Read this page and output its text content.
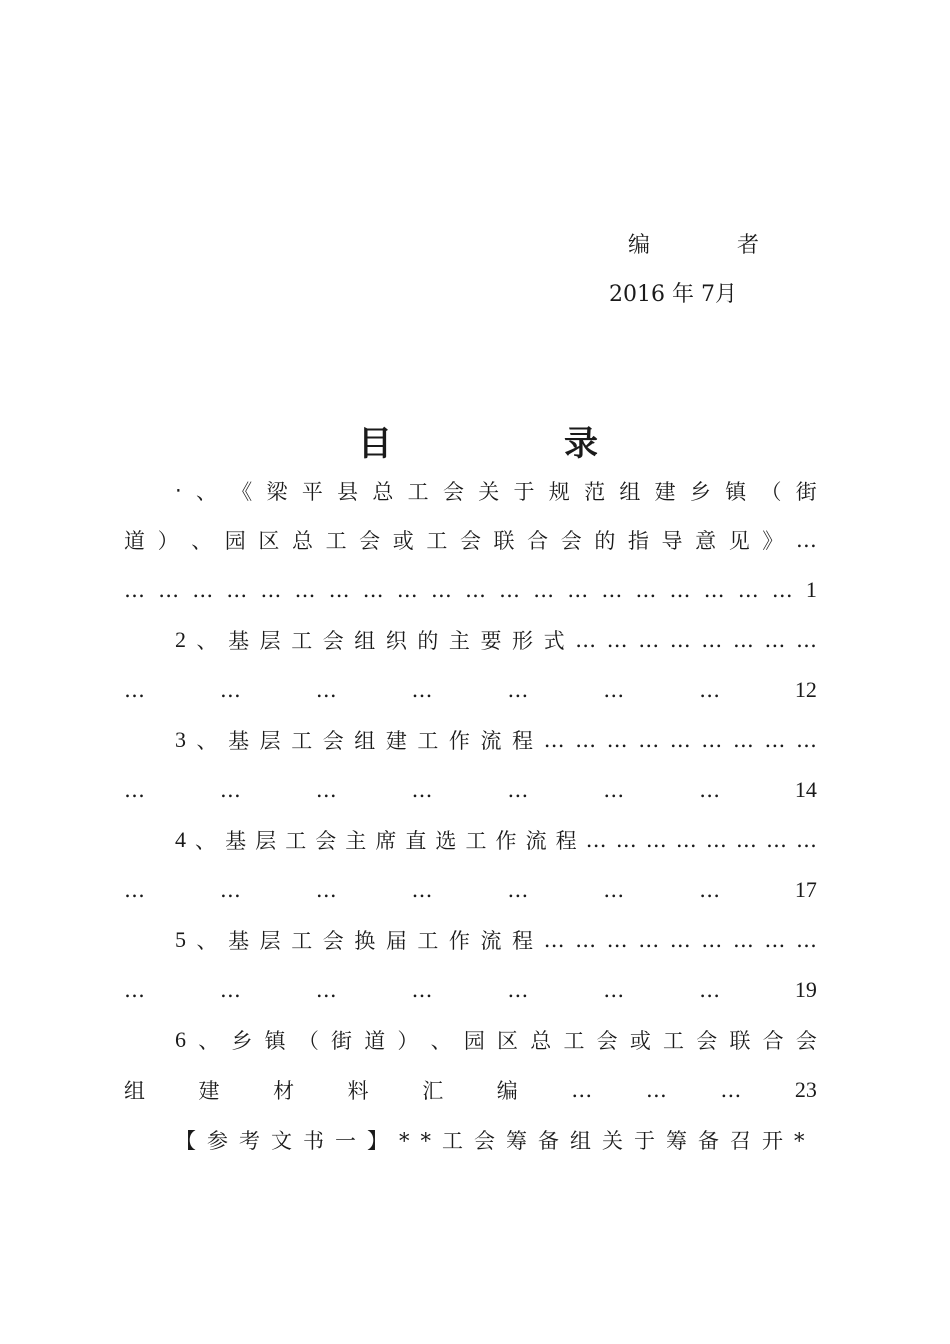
编 者
2016 年 7月
目	录
‧ 、 《 梁 平 县 总 工 会 关 于 规 范 组 建 乡 镇 （ 街
道 ） 、 园 区 总 工 会 或 工 会 联 合 会 的 指 导 意 见 》 …
… … … … … … … … … … … … … … … … … … … … 1
2 、 基 层 工 会 组 织 的 主 要 形 式 … … … … … … … …
…	…	…	…	…	…	…	12
3 、 基 层 工 会 组 建 工 作 流 程 … … … … … … … … …
…	…	…	…	…	…	…	14
4 、 基 层 工 会 主 席 直 选 工 作 流 程 … … … … … … … …
…	…	…	…	…	…	…	17
5 、 基 层 工 会 换 届 工 作 流 程 … … … … … … … … …
…	…	…	…	…	…	…	19
6 、 乡 镇 （ 街 道 ） 、 园 区 总 工 会 或 工 会 联 合 会
组	建	材	料	汇	编	…	…	… 23
【参考文书一】**工会筹备组关于筹备召开*
